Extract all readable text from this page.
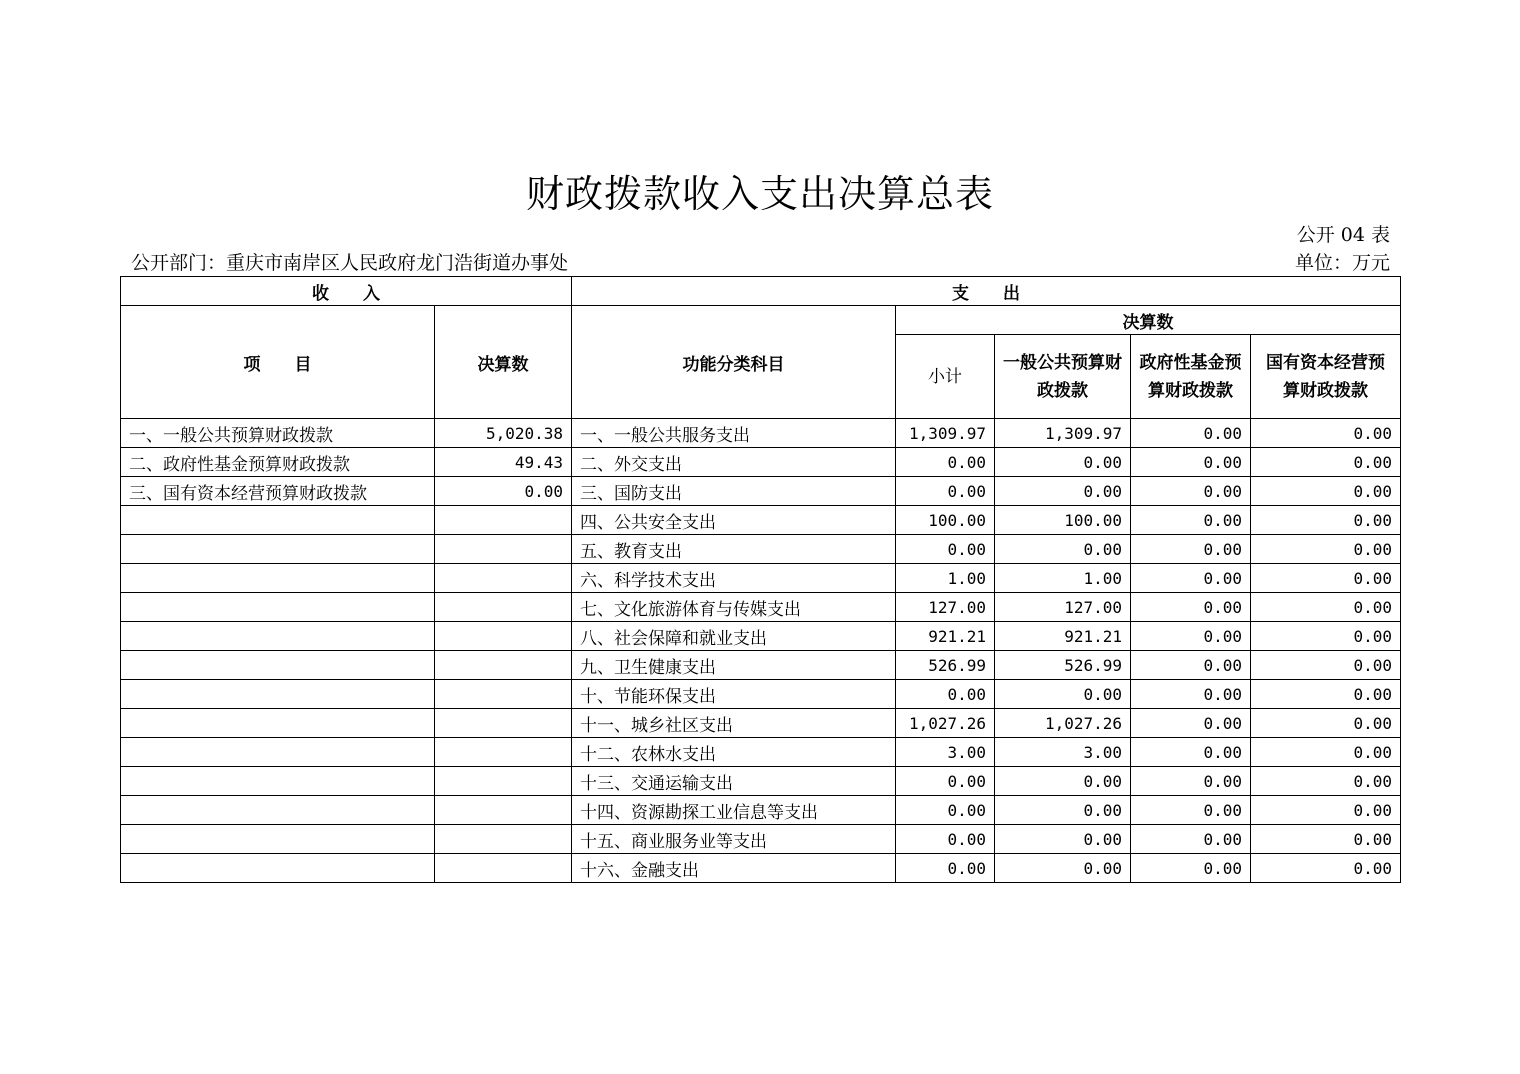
财政拨款收入支出决算总表
公开 04 表
公开部门：重庆市南岸区人民政府龙门浩街道办事处	单位：万元
收　　入		支　　出				
项　　目	决算数	功能分类科目	决算数			
			小计	一般公共预算财政拨款	政府性基金预算财政拨款	国有资本经营预算财政拨款
一、一般公共预算财政拨款	5,020.38	一、一般公共服务支出	1,309.97	1,309.97	0.00	0.00
二、政府性基金预算财政拨款	49.43	二、外交支出	0.00	0.00	0.00	0.00
三、国有资本经营预算财政拨款	0.00	三、国防支出	0.00	0.00	0.00	0.00
		四、公共安全支出	100.00	100.00	0.00	0.00
		五、教育支出	0.00	0.00	0.00	0.00
		六、科学技术支出	1.00	1.00	0.00	0.00
		七、文化旅游体育与传媒支出	127.00	127.00	0.00	0.00
		八、社会保障和就业支出	921.21	921.21	0.00	0.00
		九、卫生健康支出	526.99	526.99	0.00	0.00
		十、节能环保支出	0.00	0.00	0.00	0.00
		十一、城乡社区支出	1,027.26	1,027.26	0.00	0.00
		十二、农林水支出	3.00	3.00	0.00	0.00
		十三、交通运输支出	0.00	0.00	0.00	0.00
		十四、资源勘探工业信息等支出	0.00	0.00	0.00	0.00
		十五、商业服务业等支出	0.00	0.00	0.00	0.00
		十六、金融支出	0.00	0.00	0.00	0.00
